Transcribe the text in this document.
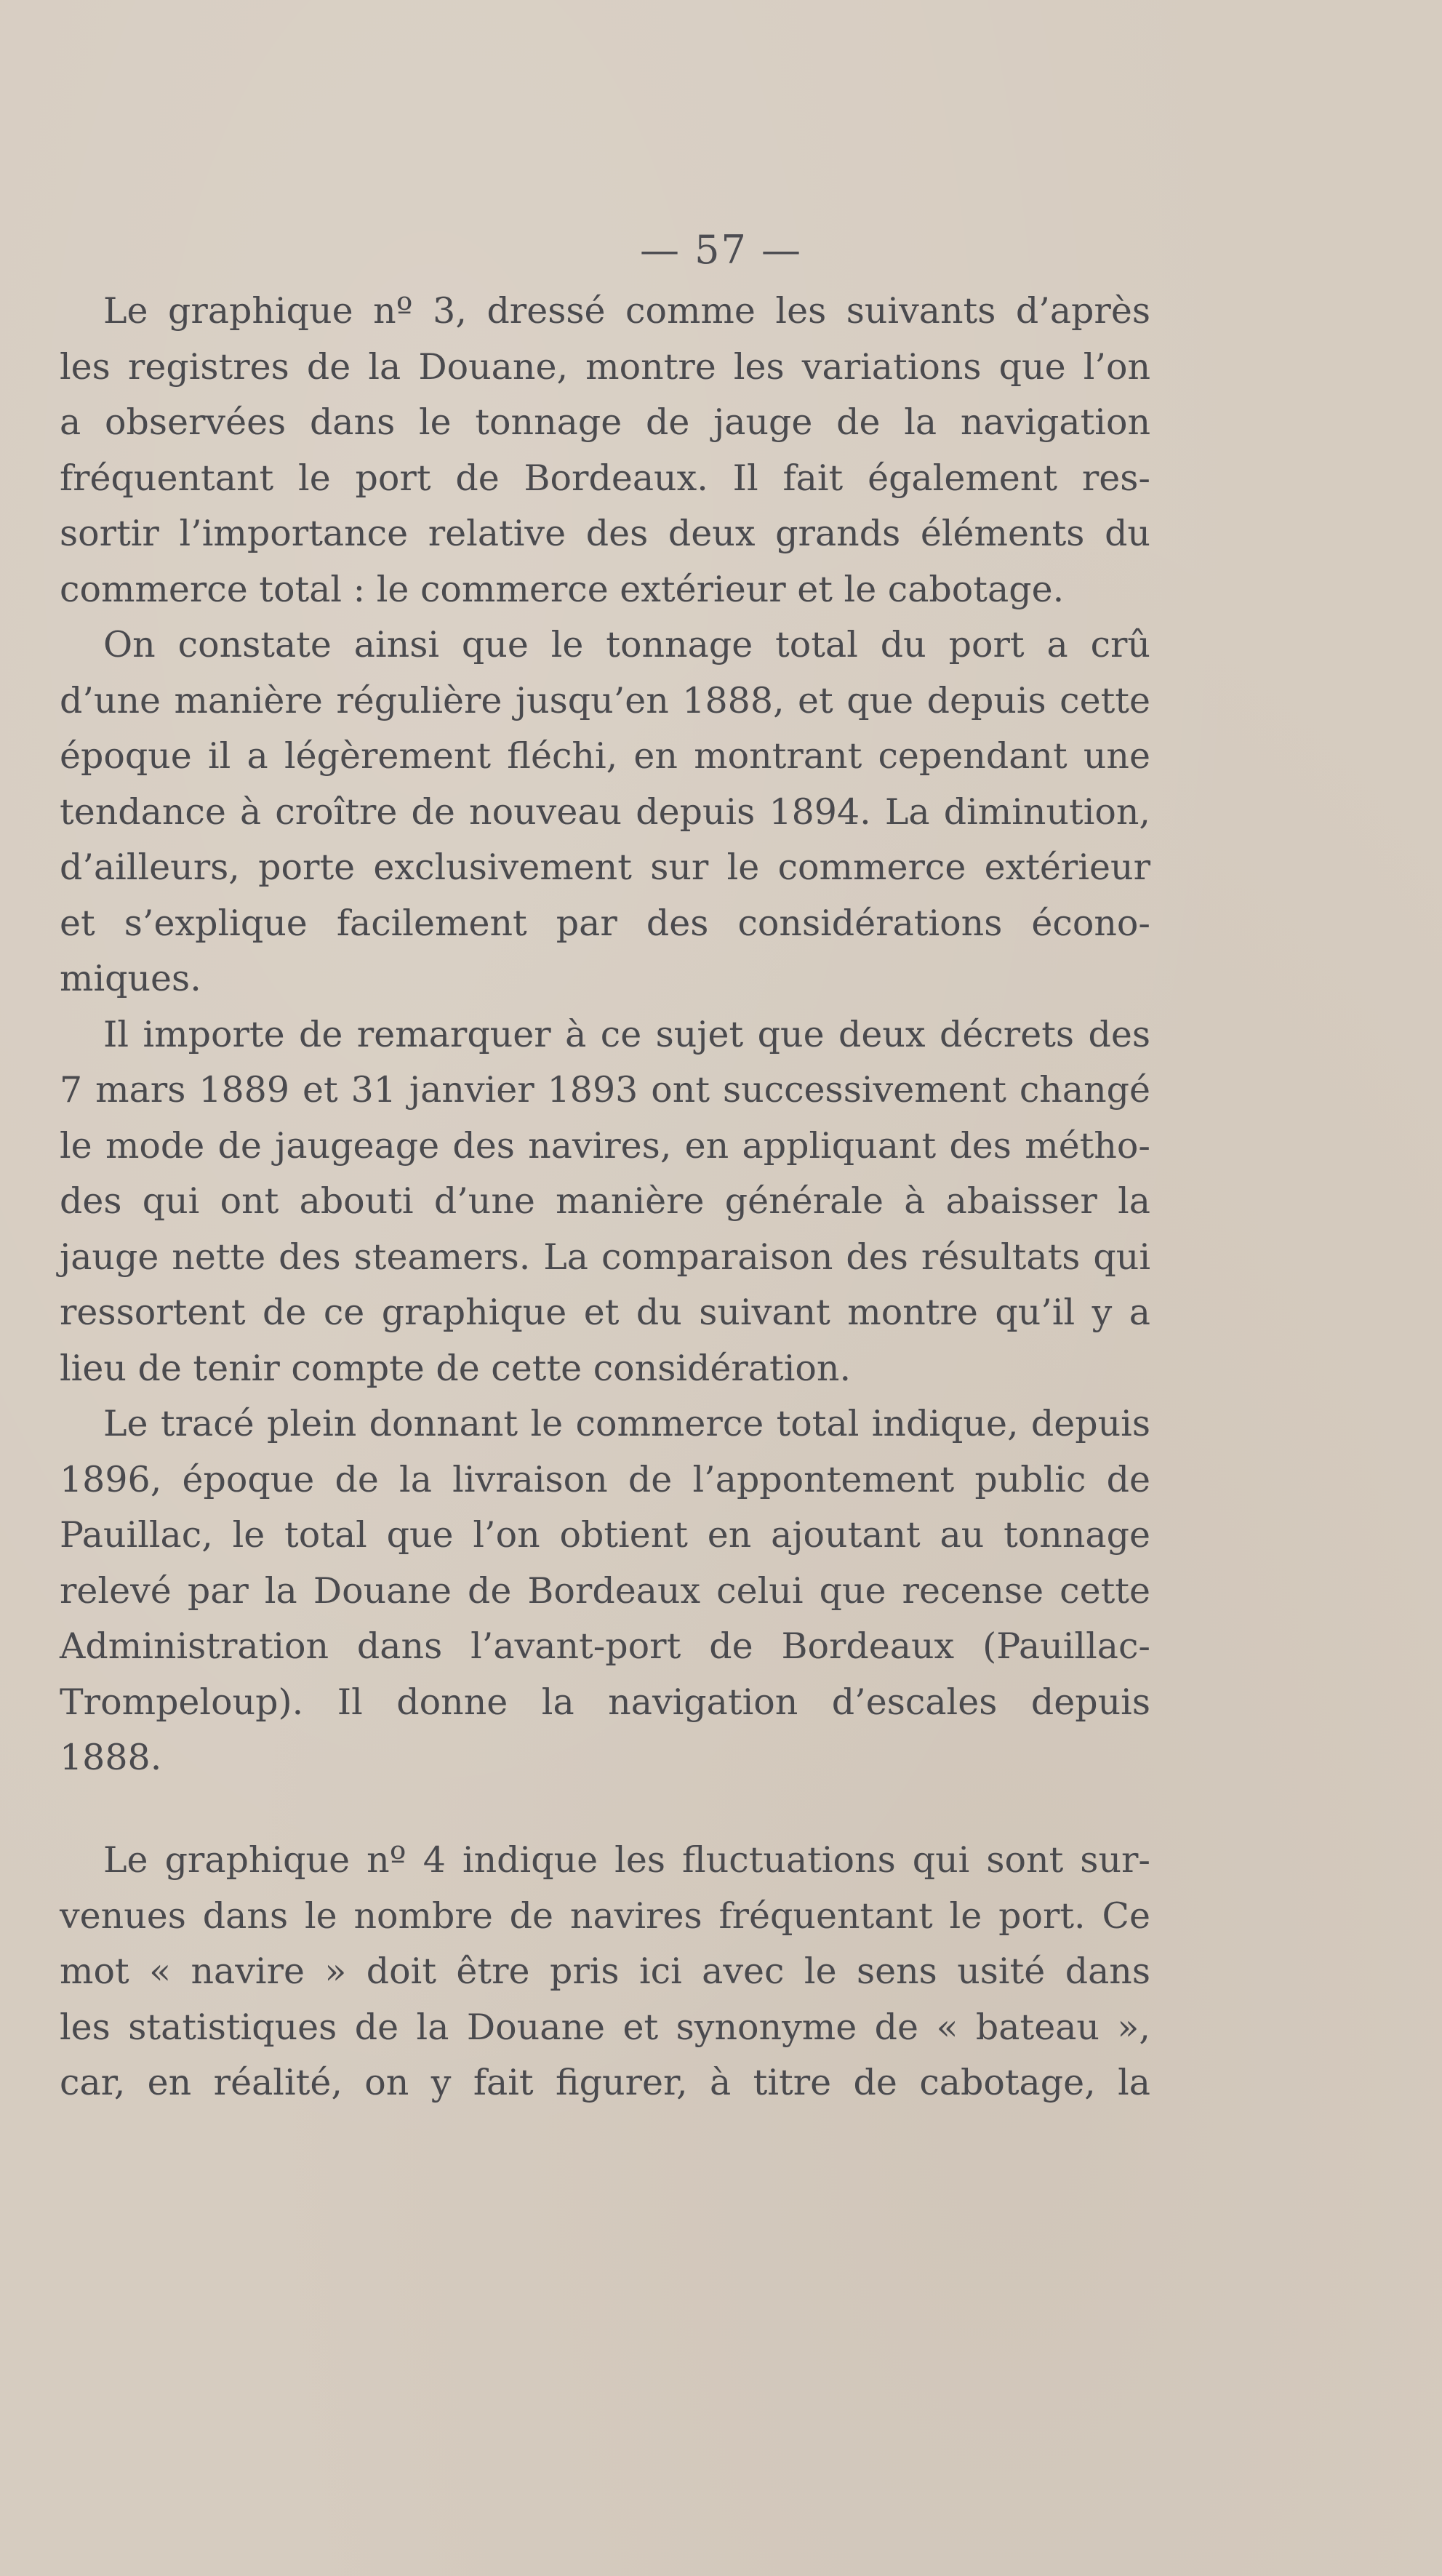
— 57 —
Le graphique nº 3, dressé comme les suivants d’après
les registres de la Douane, montre les variations que l’on
a observées dans le tonnage de jauge de la navigation
fréquentant le port de Bordeaux. Il fait également res-
sortir l’importance relative des deux grands éléments du
commerce total : le commerce extérieur et le cabotage.
On constate ainsi que le tonnage total du port a crû
d’une manière régulière jusqu’en 1888, et que depuis cette
époque il a légèrement fléchi, en montrant cependant une
tendance à croître de nouveau depuis 1894. La diminution,
d’ailleurs, porte exclusivement sur le commerce extérieur
et s’explique facilement par des considérations écono-
miques.
Il importe de remarquer à ce sujet que deux décrets des
7 mars 1889 et 31 janvier 1893 ont successivement changé
le mode de jaugeage des navires, en appliquant des métho-
des qui ont abouti d’une manière générale à abaisser la
jauge nette des steamers. La comparaison des résultats qui
ressortent de ce graphique et du suivant montre qu’il y a
lieu de tenir compte de cette considération.
Le tracé plein donnant le commerce total indique, depuis
1896, époque de la livraison de l’appontement public de
Pauillac, le total que l’on obtient en ajoutant au tonnage
relevé par la Douane de Bordeaux celui que recense cette
Administration dans l’avant-port de Bordeaux (Pauillac-
Trompeloup). Il donne la navigation d’escales depuis
1888.
Le graphique nº 4 indique les fluctuations qui sont sur-
venues dans le nombre de navires fréquentant le port. Ce
mot « navire » doit être pris ici avec le sens usité dans
les statistiques de la Douane et synonyme de « bateau »,
car, en réalité, on y fait figurer, à titre de cabotage, la
